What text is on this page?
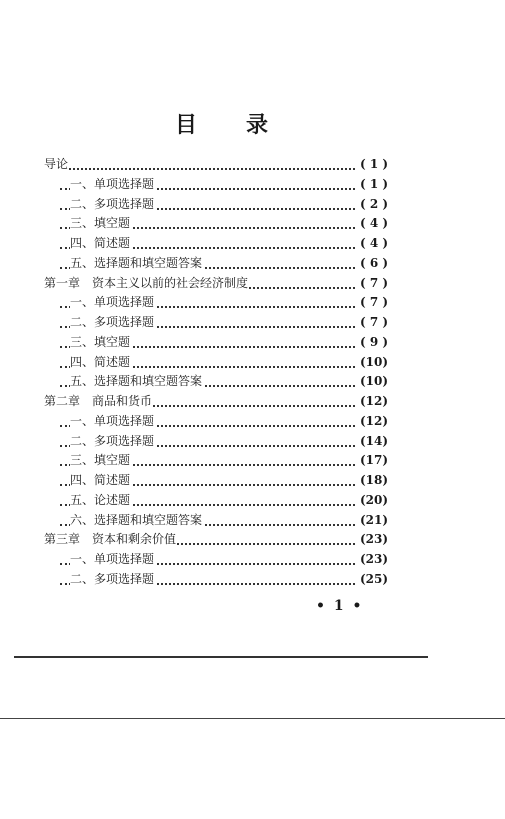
目 录
导论	( 1 )
一、单项选择题	( 1 )
二、多项选择题	( 2 )
三、填空题	( 4 )
四、简述题	( 4 )
五、选择题和填空题答案	( 6 )
第一章　资本主义以前的社会经济制度	( 7 )
一、单项选择题	( 7 )
二、多项选择题	( 7 )
三、填空题	( 9 )
四、简述题	(10)
五、选择题和填空题答案	(10)
第二章　商品和货币	(12)
一、单项选择题	(12)
二、多项选择题	(14)
三、填空题	(17)
四、简述题	(18)
五、论述题	(20)
六、选择题和填空题答案	(21)
第三章　资本和剩余价值	(23)
一、单项选择题	(23)
二、多项选择题	(25)
• 1 •
